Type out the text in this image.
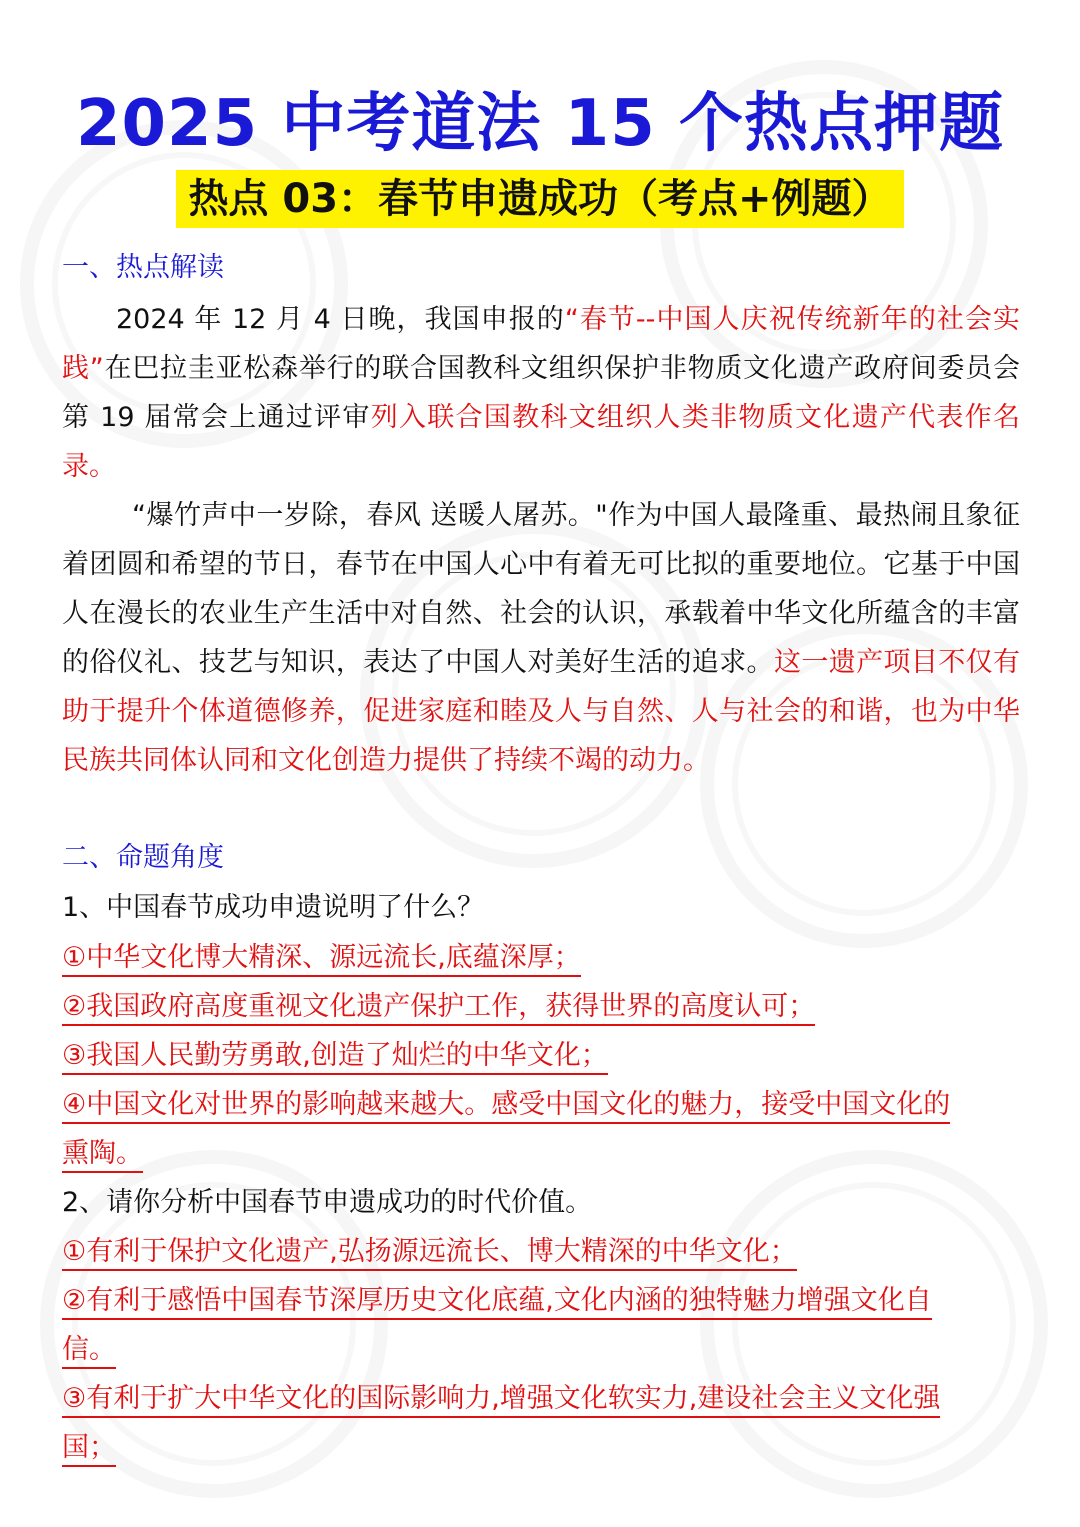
2025 中考道法 15 个热点押题
热点 03：春节申遗成功（考点+例题）
一、热点解读
2024 年 12 月 4 日晚，我国申报的“春节--中国人庆祝传统新年的社会实践”在巴拉圭亚松森举行的联合国教科文组织保护非物质文化遗产政府间委员会第 19 届常会上通过评审列入联合国教科文组织人类非物质文化遗产代表作名录。
“爆竹声中一岁除，春风 送暖人屠苏。"作为中国人最隆重、最热闹且象征着团圆和希望的节日，春节在中国人心中有着无可比拟的重要地位。它基于中国人在漫长的农业生产生活中对自然、社会的认识，承载着中华文化所蕴含的丰富的俗仪礼、技艺与知识，表达了中国人对美好生活的追求。这一遗产项目不仅有助于提升个体道德修养，促进家庭和睦及人与自然、人与社会的和谐，也为中华民族共同体认同和文化创造力提供了持续不竭的动力。
二、命题角度
1、中国春节成功申遗说明了什么？
①中华文化博大精深、源远流长,底蕴深厚；
②我国政府高度重视文化遗产保护工作，获得世界的高度认可；
③我国人民勤劳勇敢,创造了灿烂的中华文化；
④中国文化对世界的影响越来越大。感受中国文化的魅力，接受中国文化的
熏陶。
2、请你分析中国春节申遗成功的时代价值。
①有利于保护文化遗产,弘扬源远流长、博大精深的中华文化；
②有利于感悟中国春节深厚历史文化底蕴,文化内涵的独特魅力增强文化自
信。
③有利于扩大中华文化的国际影响力,增强文化软实力,建设社会主义文化强
国；
